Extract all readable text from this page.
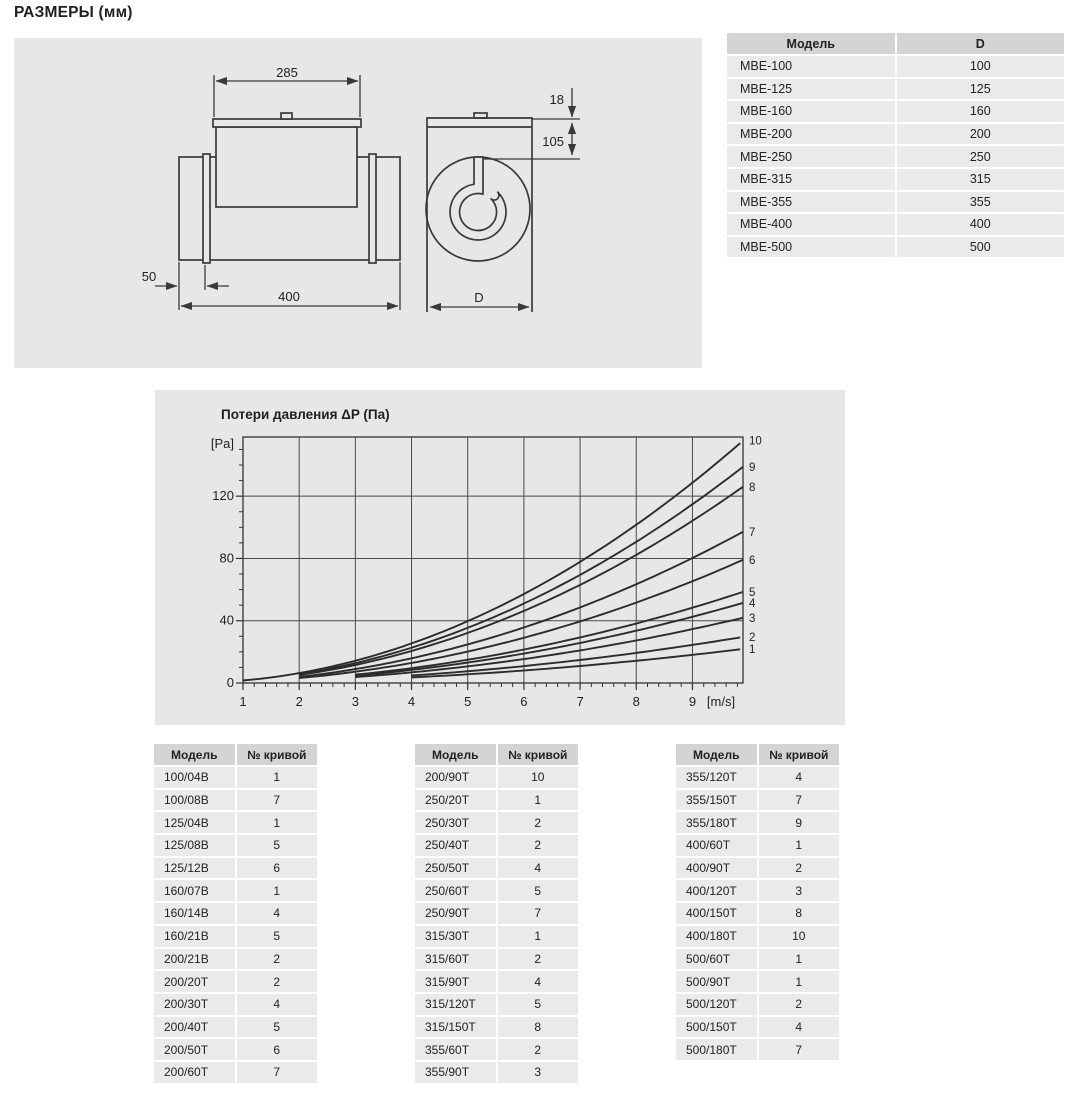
РАЗМЕРЫ (мм)
285
400
50
18
105
D
Модель	D
МВЕ-100	100
МВЕ-125	125
МВЕ-160	160
МВЕ-200	200
МВЕ-250	250
МВЕ-315	315
МВЕ-355	355
МВЕ-400	400
МВЕ-500	500
Потери давления ΔP (Па)
1
2
3
4
5
6
7
8
9
10
1	2	3	4	5	6	7	8	9 [m/s]
0
40
80
120
[Pa]
Модель	№ кривой
100/04В	1
100/08В	7
125/04В	1
125/08В	5
125/12В	6
160/07В	1
160/14В	4
160/21В	5
200/21В	2
200/20Т	2
200/30Т	4
200/40Т	5
200/50Т	6
200/60Т	7
Модель	№ кривой
200/90Т	10
250/20Т	1
250/30Т	2
250/40Т	2
250/50Т	4
250/60Т	5
250/90Т	7
315/30Т	1
315/60Т	2
315/90Т	4
315/120Т	5
315/150Т	8
355/60Т	2
355/90Т	3
Модель	№ кривой
355/120Т	4
355/150Т	7
355/180Т	9
400/60Т	1
400/90Т	2
400/120Т	3
400/150Т	8
400/180Т	10
500/60Т	1
500/90Т	1
500/120Т	2
500/150Т	4
500/180Т	7
